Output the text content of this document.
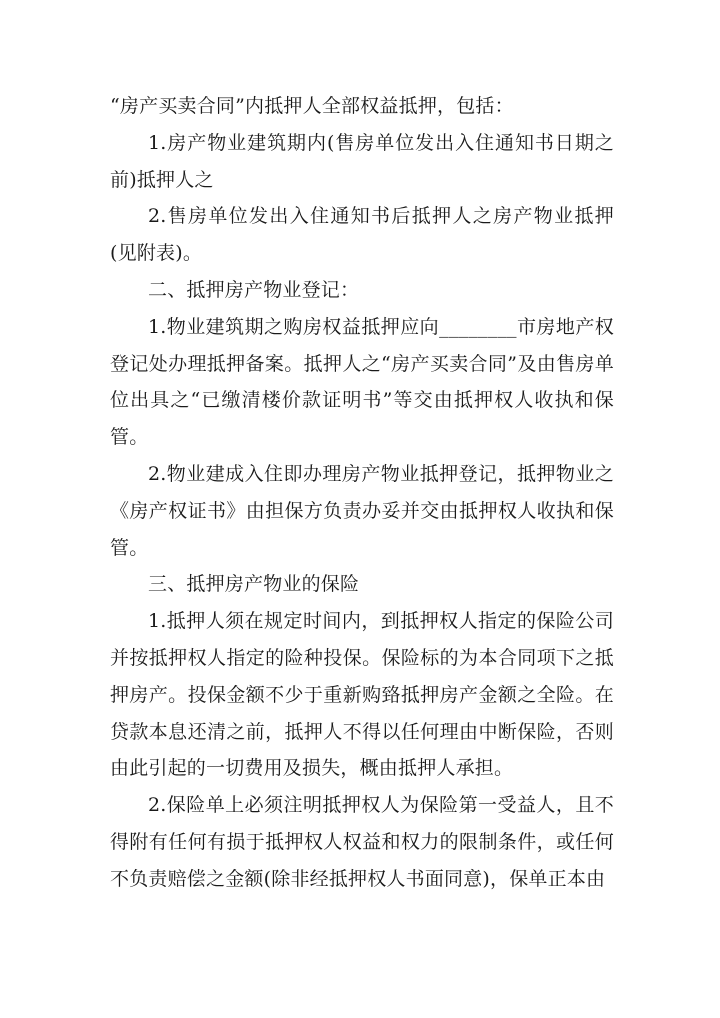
“房产买卖合同”内抵押人全部权益抵押，包括：

1.房产物业建筑期内(售房单位发出入住通知书日期之前)抵押人之

2.售房单位发出入住通知书后抵押人之房产物业抵押(见附表)。

二、抵押房产物业登记：

1.物业建筑期之购房权益抵押应向________市房地产权登记处办理抵押备案。抵押人之“房产买卖合同”及由售房单位出具之“已缴清楼价款证明书”等交由抵押权人收执和保管。

2.物业建成入住即办理房产物业抵押登记，抵押物业之《房产权证书》由担保方负责办妥并交由抵押权人收执和保管。

三、抵押房产物业的保险

1.抵押人须在规定时间内，到抵押权人指定的保险公司并按抵押权人指定的险种投保。保险标的为本合同项下之抵押房产。投保金额不少于重新购臵抵押房产金额之全险。在贷款本息还清之前，抵押人不得以任何理由中断保险，否则由此引起的一切费用及损失，概由抵押人承担。

2.保险单上必须注明抵押权人为保险第一受益人，且不得附有任何有损于抵押权人权益和权力的限制条件，或任何不负责赔偿之金额(除非经抵押权人书面同意)，保单正本由
